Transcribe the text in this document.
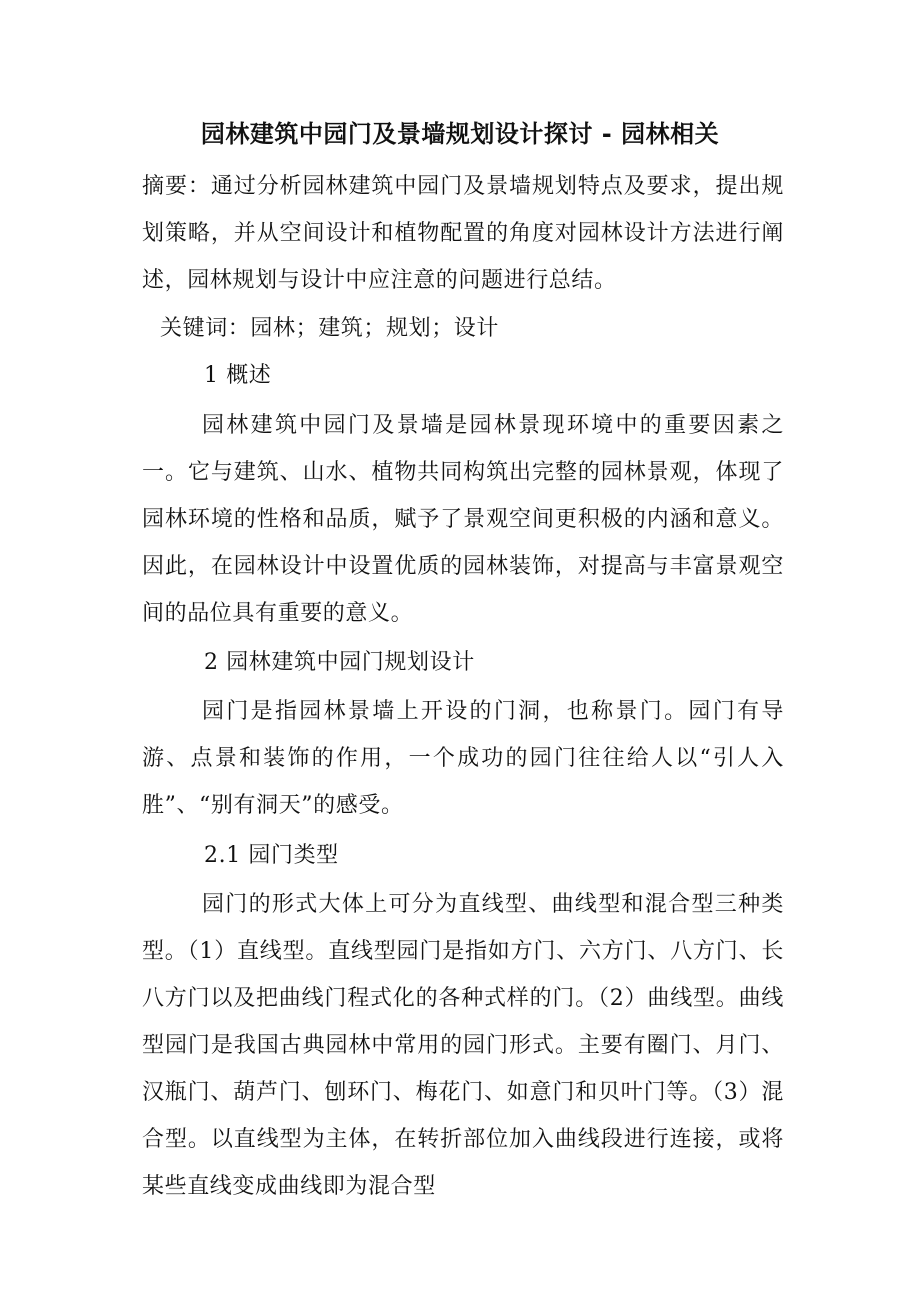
园林建筑中园门及景墙规划设计探讨 - 园林相关
摘要：通过分析园林建筑中园门及景墙规划特点及要求，提出规划策略，并从空间设计和植物配置的角度对园林设计方法进行阐述，园林规划与设计中应注意的问题进行总结。
关键词：园林；建筑；规划；设计
1 概述
园林建筑中园门及景墙是园林景现环境中的重要因素之一。它与建筑、山水、植物共同构筑出完整的园林景观，体现了园林环境的性格和品质，赋予了景观空间更积极的内涵和意义。因此，在园林设计中设置优质的园林装饰，对提高与丰富景观空间的品位具有重要的意义。
2 园林建筑中园门规划设计
园门是指园林景墙上开设的门洞，也称景门。园门有导游、点景和装饰的作用，一个成功的园门往往给人以“引人入胜”、“别有洞天”的感受。
2.1 园门类型
园门的形式大体上可分为直线型、曲线型和混合型三种类型。（1）直线型。直线型园门是指如方门、六方门、八方门、长八方门以及把曲线门程式化的各种式样的门。（2）曲线型。曲线型园门是我国古典园林中常用的园门形式。主要有圈门、月门、汉瓶门、葫芦门、刨环门、梅花门、如意门和贝叶门等。（3）混合型。以直线型为主体，在转折部位加入曲线段进行连接，或将某些直线变成曲线即为混合型
